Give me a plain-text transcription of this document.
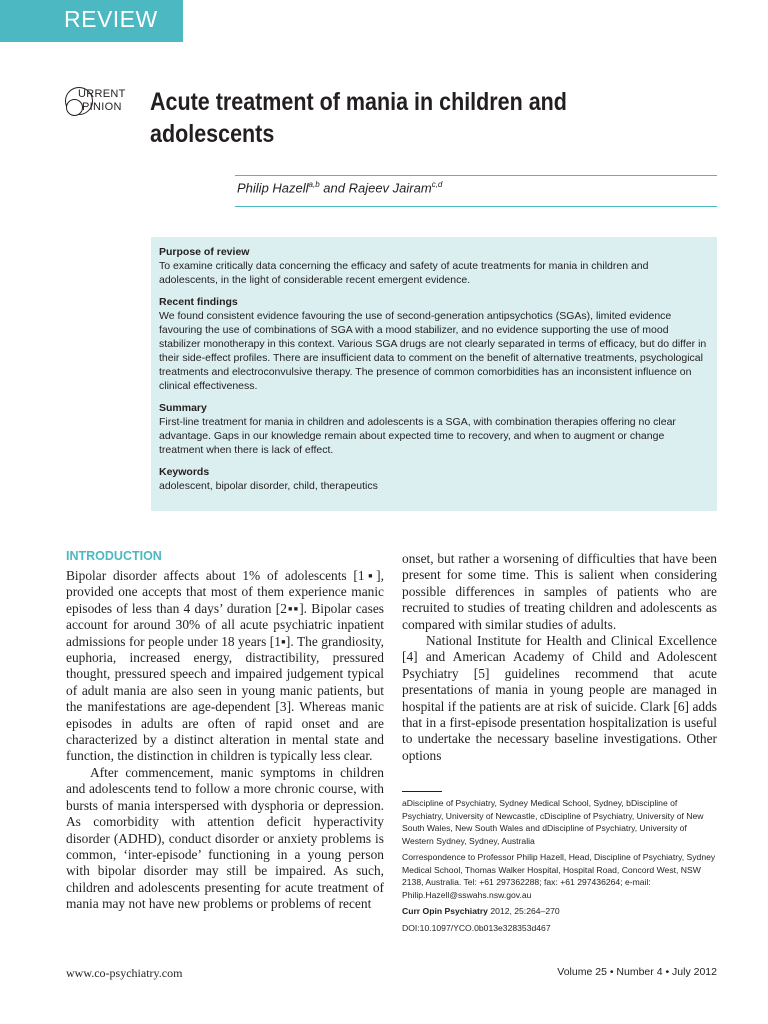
REVIEW
URRENT
PINION Acute treatment of mania in children and adolescents
Philip Hazell$^{a,b}$ and Rajeev Jairam$^{c,d}$
Purpose of review
To examine critically data concerning the efficacy and safety of acute treatments for mania in children and adolescents, in the light of considerable recent emergent evidence.
Recent findings
We found consistent evidence favouring the use of second-generation antipsychotics (SGAs), limited evidence favouring the use of combinations of SGA with a mood stabilizer, and no evidence supporting the use of mood stabilizer monotherapy in this context. Various SGA drugs are not clearly separated in terms of efficacy, but do differ in their side-effect profiles. There are insufficient data to comment on the benefit of alternative treatments, psychological treatments and electroconvulsive therapy. The presence of common comorbidities has an inconsistent influence on clinical effectiveness.
Summary
First-line treatment for mania in children and adolescents is a SGA, with combination therapies offering no clear advantage. Gaps in our knowledge remain about expected time to recovery, and when to augment or change treatment when there is lack of effect.
Keywords
adolescent, bipolar disorder, child, therapeutics
INTRODUCTION

Bipolar disorder affects about 1% of adolescents [1▪], provided one accepts that most of them experience manic episodes of less than 4 days’ duration [2▪▪]. Bipolar cases account for around 30% of all acute psychiatric inpatient admissions for people under 18 years [1▪]. The grandiosity, euphoria, increased energy, distractibility, pressured thought, pressured speech and impaired judgement typical of adult mania are also seen in young manic patients, but the manifestations are age-dependent [3]. Whereas manic episodes in adults are often of rapid onset and are characterized by a distinct alteration in mental state and function, the distinction in children is typically less clear.

After commencement, manic symptoms in children and adolescents tend to follow a more chronic course, with bursts of mania interspersed with dysphoria or depression. As comorbidity with attention deficit hyperactivity disorder (ADHD), conduct disorder or anxiety problems is common, ‘inter-episode’ functioning in a young person with bipolar disorder may still be impaired. As such, children and adolescents presenting for acute treatment of mania may not have new problems or problems of recent

onset, but rather a worsening of difficulties that have been present for some time. This is salient when considering possible differences in samples of patients who are recruited to studies of treating children and adolescents as compared with similar studies of adults.

National Institute for Health and Clinical Excellence [4] and American Academy of Child and Adolescent Psychiatry [5] guidelines recommend that acute presentations of mania in young people are managed in hospital if the patients are at risk of suicide. Clark [6] adds that in a first-episode presentation hospitalization is useful to undertake the necessary baseline investigations. Other options

aDiscipline of Psychiatry, Sydney Medical School, Sydney, bDiscipline of Psychiatry, University of Newcastle, cDiscipline of Psychiatry, University of New South Wales, New South Wales and dDiscipline of Psychiatry, University of Western Sydney, Sydney, Australia

Correspondence to Professor Philip Hazell, Head, Discipline of Psychiatry, Sydney Medical School, Thomas Walker Hospital, Hospital Road, Concord West, NSW 2138, Australia. Tel: +61 297362288; fax: +61 297436264; e-mail: Philip.Hazell@sswahs.nsw.gov.au

Curr Opin Psychiatry 2012, 25:264–270

DOI:10.1097/YCO.0b013e328353d467

www.co-psychiatry.com	Volume 25 • Number 4 • July 2012
